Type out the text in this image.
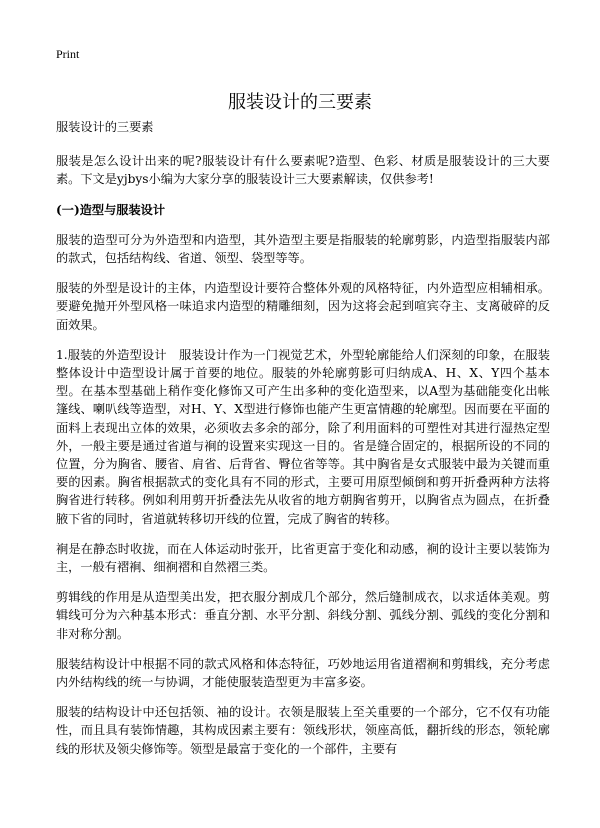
Print
服装设计的三要素

服装设计的三要素

服装是怎么设计出来的呢?服装设计有什么要素呢?造型、色彩、材质是服装设计的三大要素。下文是yjbys小编为大家分享的服装设计三大要素解读，仅供参考!

(一)造型与服装设计

服装的造型可分为外造型和内造型，其外造型主要是指服装的轮廓剪影，内造型指服装内部的款式，包括结构线、省道、领型、袋型等等。

服装的外型是设计的主体，内造型设计要符合整体外观的风格特征，内外造型应相辅相承。要避免抛开外型风格一味追求内造型的精雕细刻，因为这将会起到喧宾夺主、支离破碎的反面效果。

1.服装的外造型设计　服装设计作为一门视觉艺术，外型轮廓能给人们深刻的印象，在服装整体设计中造型设计属于首要的地位。服装的外轮廓剪影可归纳成A、H、X、Y四个基本型。在基本型基础上稍作变化修饰又可产生出多种的变化造型来，以A型为基础能变化出帐篷线、喇叭线等造型，对H、Y、X型进行修饰也能产生更富情趣的轮廓型。因而要在平面的面料上表现出立体的效果，必须收去多余的部分，除了利用面料的可塑性对其进行湿热定型外，一般主要是通过省道与裥的设置来实现这一目的。省是缝合固定的，根据所设的不同的位置，分为胸省、腰省、肩省、后背省、臀位省等等。其中胸省是女式服装中最为关键而重要的因素。胸省根据款式的变化具有不同的形式，主要可用原型倾倒和剪开折叠两种方法将胸省进行转移。例如利用剪开折叠法先从收省的地方朝胸省剪开，以胸省点为圆点，在折叠腋下省的同时，省道就转移切开线的位置，完成了胸省的转移。

裥是在静态时收拢，而在人体运动时张开，比省更富于变化和动感，裥的设计主要以装饰为主，一般有褶裥、细裥褶和自然褶三类。

剪辑线的作用是从造型美出发，把衣服分割成几个部分，然后缝制成衣，以求适体美观。剪辑线可分为六种基本形式：垂直分割、水平分割、斜线分割、弧线分割、弧线的变化分割和非对称分割。

服装结构设计中根据不同的款式风格和体态特征，巧妙地运用省道褶裥和剪辑线，充分考虑内外结构线的统一与协调，才能使服装造型更为丰富多姿。

服装的结构设计中还包括领、袖的设计。衣领是服装上至关重要的一个部分，它不仅有功能性，而且具有装饰情趣，其构成因素主要有：领线形状，领座高低，翻折线的形态，领轮廓线的形状及领尖修饰等。领型是最富于变化的一个部件，主要有
